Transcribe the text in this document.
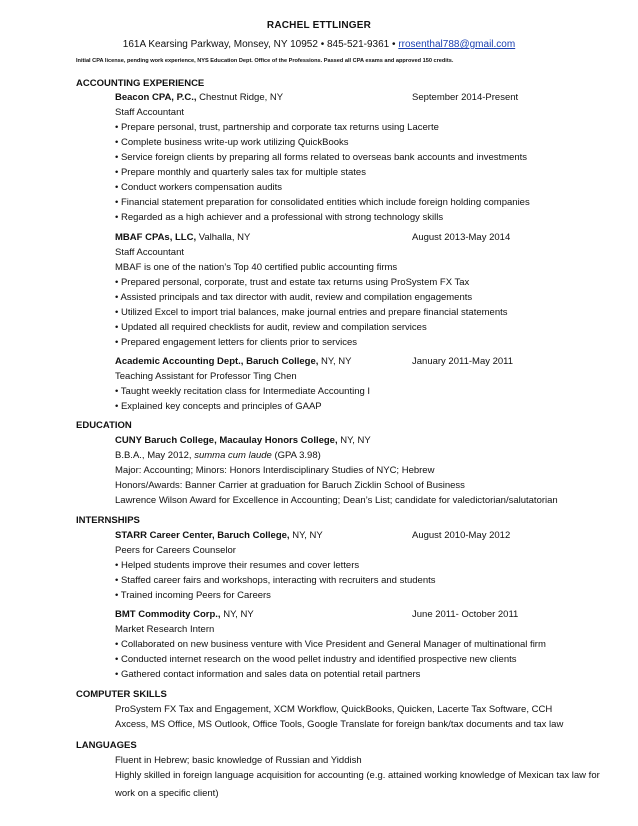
RACHEL ETTLINGER
161A Kearsing Parkway, Monsey, NY 10952 • 845-521-9361 • rrosenthal788@gmail.com
Initial CPA license, pending work experience, NYS Education Dept. Office of the Professions. Passed all CPA exams and approved 150 credits.
ACCOUNTING EXPERIENCE
Beacon CPA, P.C., Chestnut Ridge, NY	September 2014-Present
Staff Accountant
• Prepare personal, trust, partnership and corporate tax returns using Lacerte
• Complete business write-up work utilizing QuickBooks
• Service foreign clients by preparing all forms related to overseas bank accounts and investments
• Prepare monthly and quarterly sales tax for multiple states
• Conduct workers compensation audits
• Financial statement preparation for consolidated entities which include foreign holding companies
• Regarded as a high achiever and a professional with strong technology skills
MBAF CPAs, LLC, Valhalla, NY	August 2013-May 2014
Staff Accountant
MBAF is one of the nation’s Top 40 certified public accounting firms
• Prepared personal, corporate, trust and estate tax returns using ProSystem FX Tax
• Assisted principals and tax director with audit, review and compilation engagements
• Utilized Excel to import trial balances, make journal entries and prepare financial statements
• Updated all required checklists for audit, review and compilation services
• Prepared engagement letters for clients prior to services
Academic Accounting Dept., Baruch College, NY, NY	January 2011-May 2011
Teaching Assistant for Professor Ting Chen
• Taught weekly recitation class for Intermediate Accounting I
• Explained key concepts and principles of GAAP
EDUCATION
CUNY Baruch College, Macaulay Honors College, NY, NY
B.B.A., May 2012, summa cum laude (GPA 3.98)
Major: Accounting; Minors: Honors Interdisciplinary Studies of NYC; Hebrew
Honors/Awards: Banner Carrier at graduation for Baruch Zicklin School of Business
Lawrence Wilson Award for Excellence in Accounting; Dean’s List; candidate for valedictorian/salutatorian
INTERNSHIPS
STARR Career Center, Baruch College, NY, NY	August 2010-May 2012
Peers for Careers Counselor
• Helped students improve their resumes and cover letters
• Staffed career fairs and workshops, interacting with recruiters and students
• Trained incoming Peers for Careers
BMT Commodity Corp., NY, NY	June 2011- October 2011
Market Research Intern
• Collaborated on new business venture with Vice President and General Manager of multinational firm
• Conducted internet research on the wood pellet industry and identified prospective new clients
• Gathered contact information and sales data on potential retail partners
COMPUTER SKILLS
ProSystem FX Tax and Engagement, XCM Workflow, QuickBooks, Quicken, Lacerte Tax Software, CCH
Axcess, MS Office, MS Outlook, Office Tools, Google Translate for foreign bank/tax documents and tax law
LANGUAGES
Fluent in Hebrew; basic knowledge of Russian and Yiddish
Highly skilled in foreign language acquisition for accounting (e.g. attained working knowledge of Mexican tax law for work on a specific client)
